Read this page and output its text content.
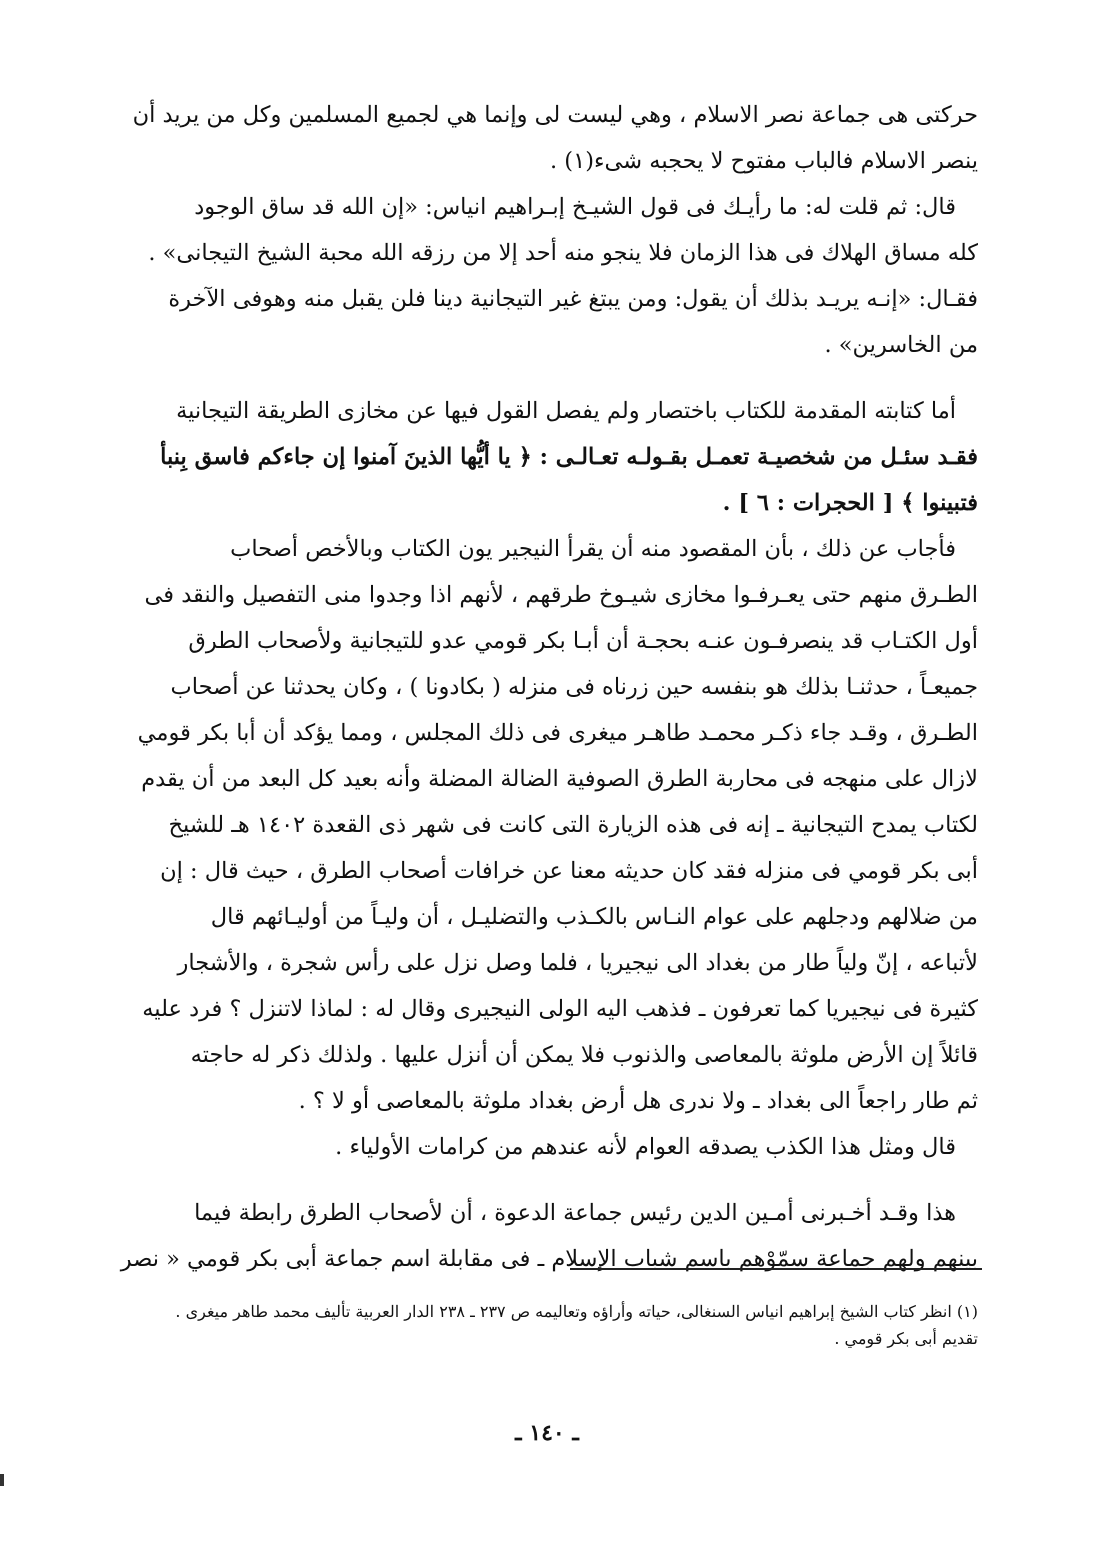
حركتى هى جماعة نصر الاسلام ، وهي ليست لى وإنما هي لجميع المسلمين وكل من يريد أن
ينصر الاسلام فالباب مفتوح لا يحجبه شىء(١) .

قال: ثم قلت له: ما رأيـك فى قول الشيـخ إبـراهيم انياس: «إن الله قد ساق الوجود
كله مساق الهلاك فى هذا الزمان فلا ينجو منه أحد إلا من رزقه الله محبة الشيخ التيجانى» .

فقـال: «إنـه يريـد بذلك أن يقول: ومن يبتغ غير التيجانية دينا فلن يقبل منه وهوفى الآخرة
من الخاسرين» .

أما كتابته المقدمة للكتاب باختصار ولم يفصل القول فيها عن مخازى الطريقة التيجانية
فقـد سئـل من شخصيـة تعمـل بقـولـه تعـالـى : ﴿ يا أيُّها الذينَ آمنوا إن جاءكم فاسق بِنبأ
فتبينوا ﴾ [ الحجرات : ٦ ] .

فأجاب عن ذلك ، بأن المقصود منه أن يقرأ النيجير يون الكتاب وبالأخص أصحاب
الطـرق منهم حتى يعـرفـوا مخازى شيـوخ طرقهم ، لأنهم اذا وجدوا منى التفصيل والنقد فى
أول الكتـاب قد ينصرفـون عنـه بحجـة أن أبـا بكر قومي عدو للتيجانية ولأصحاب الطرق
جميعـاً ، حدثنـا بذلك هو بنفسه حين زرناه فى منزله ( بكادونا ) ، وكان يحدثنا عن أصحاب
الطـرق ، وقـد جاء ذكـر محمـد طاهـر ميغرى فى ذلك المجلس ، ومما يؤكد أن أبا بكر قومي
لازال على منهجه فى محاربة الطرق الصوفية الضالة المضلة وأنه بعيد كل البعد من أن يقدم
لكتاب يمدح التيجانية ـ إنه فى هذه الزيارة التى كانت فى شهر ذى القعدة ١٤٠٢ هـ للشيخ
أبى بكر قومي فى منزله فقد كان حديثه معنا عن خرافات أصحاب الطرق ، حيث قال : إن
من ضلالهم ودجلهم على عوام النـاس بالكـذب والتضليـل ، أن وليـاً من أوليـائهم قال
لأتباعه ، إنّ ولياً طار من بغداد الى نيجيريا ، فلما وصل نزل على رأس شجرة ، والأشجار
كثيرة فى نيجيريا كما تعرفون ـ فذهب اليه الولى النيجيرى وقال له : لماذا لاتنزل ؟ فرد عليه
قائلاً إن الأرض ملوثة بالمعاصى والذنوب فلا يمكن أن أنزل عليها . ولذلك ذكر له حاجته
ثم طار راجعاً الى بغداد ـ ولا ندرى هل أرض بغداد ملوثة بالمعاصى أو لا ؟ .

قال ومثل هذا الكذب يصدقه العوام لأنه عندهم من كرامات الأولياء .

هذا وقـد أخـبرنى أمـين الدين رئيس جماعة الدعوة ، أن لأصحاب الطرق رابطة فيما
بينهم ولهم جماعة سمّوْهم باسم شباب الإسلام ـ فى مقابلة اسم جماعة أبى بكر قومي « نصر

(١) انظر كتاب الشيخ إبراهيم انياس السنغالى، حياته وأراؤه وتعاليمه ص ٢٣٧ ـ ٢٣٨ الدار العربية تأليف محمد طاهر ميغرى .

تقديم أبى بكر قومي .

ـ ١٤٠ ـ
